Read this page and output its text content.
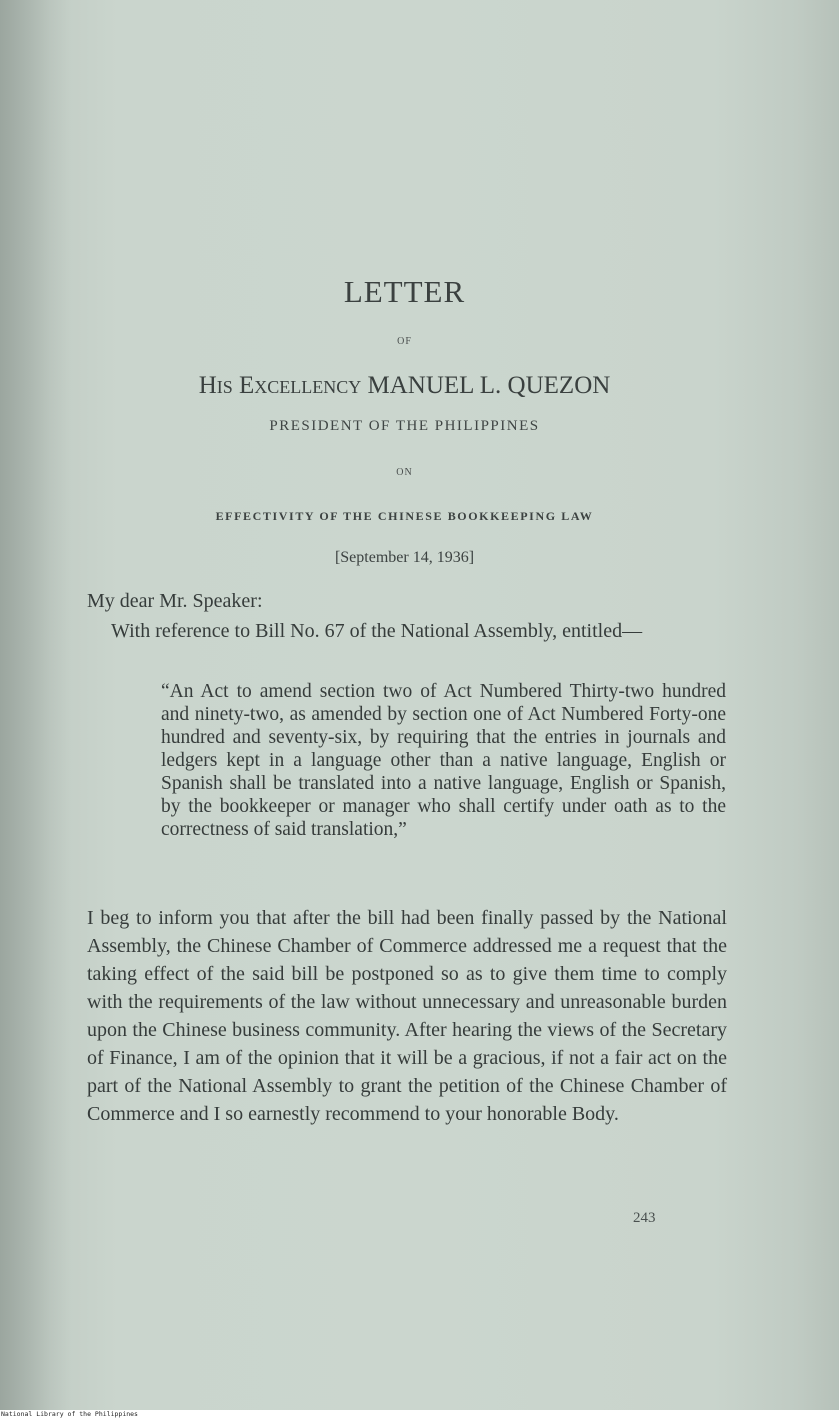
LETTER
OF
His Excellency MANUEL L. QUEZON
PRESIDENT OF THE PHILIPPINES
ON
EFFECTIVITY OF THE CHINESE BOOKKEEPING LAW
[September 14, 1936]
My dear Mr. Speaker:
With reference to Bill No. 67 of the National Assembly, entitled—
“An Act to amend section two of Act Numbered Thirty-two hundred and ninety-two, as amended by section one of Act Numbered Forty-one hundred and seventy-six, by requiring that the entries in journals and ledgers kept in a language other than a native language, English or Spanish shall be translated into a native language, English or Spanish, by the bookkeeper or manager who shall certify under oath as to the correctness of said translation,”
I beg to inform you that after the bill had been finally passed by the National Assembly, the Chinese Chamber of Commerce addressed me a request that the taking effect of the said bill be postponed so as to give them time to comply with the requirements of the law without unnecessary and unreasonable burden upon the Chinese business community. After hearing the views of the Secretary of Finance, I am of the opinion that it will be a gracious, if not a fair act on the part of the National Assembly to grant the petition of the Chinese Chamber of Commerce and I so earnestly recommend to your honorable Body.
243
National Library of the Philippines
